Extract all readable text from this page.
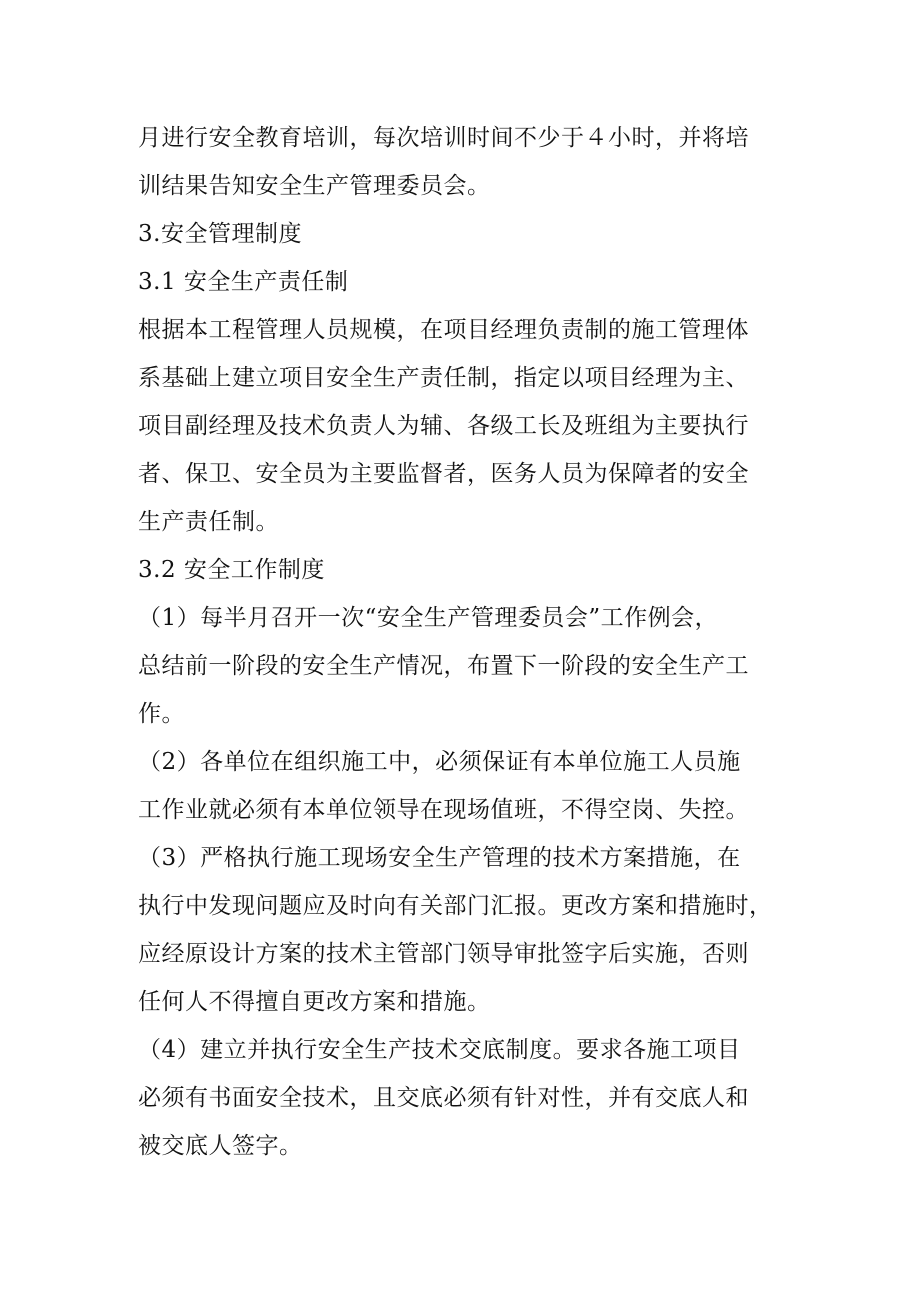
月进行安全教育培训，每次培训时间不少于４小时，并将培
训结果告知安全生产管理委员会。
3.安全管理制度
3.1 安全生产责任制
根据本工程管理人员规模，在项目经理负责制的施工管理体
系基础上建立项目安全生产责任制，指定以项目经理为主、
项目副经理及技术负责人为辅、各级工长及班组为主要执行
者、保卫、安全员为主要监督者，医务人员为保障者的安全
生产责任制。
3.2 安全工作制度
（1）每半月召开一次“安全生产管理委员会”工作例会，
总结前一阶段的安全生产情况，布置下一阶段的安全生产工
作。
（2）各单位在组织施工中，必须保证有本单位施工人员施
工作业就必须有本单位领导在现场值班，不得空岗、失控。
（3）严格执行施工现场安全生产管理的技术方案措施，在
执行中发现问题应及时向有关部门汇报。更改方案和措施时，
应经原设计方案的技术主管部门领导审批签字后实施，否则
任何人不得擅自更改方案和措施。
（4）建立并执行安全生产技术交底制度。要求各施工项目
必须有书面安全技术，且交底必须有针对性，并有交底人和
被交底人签字。
